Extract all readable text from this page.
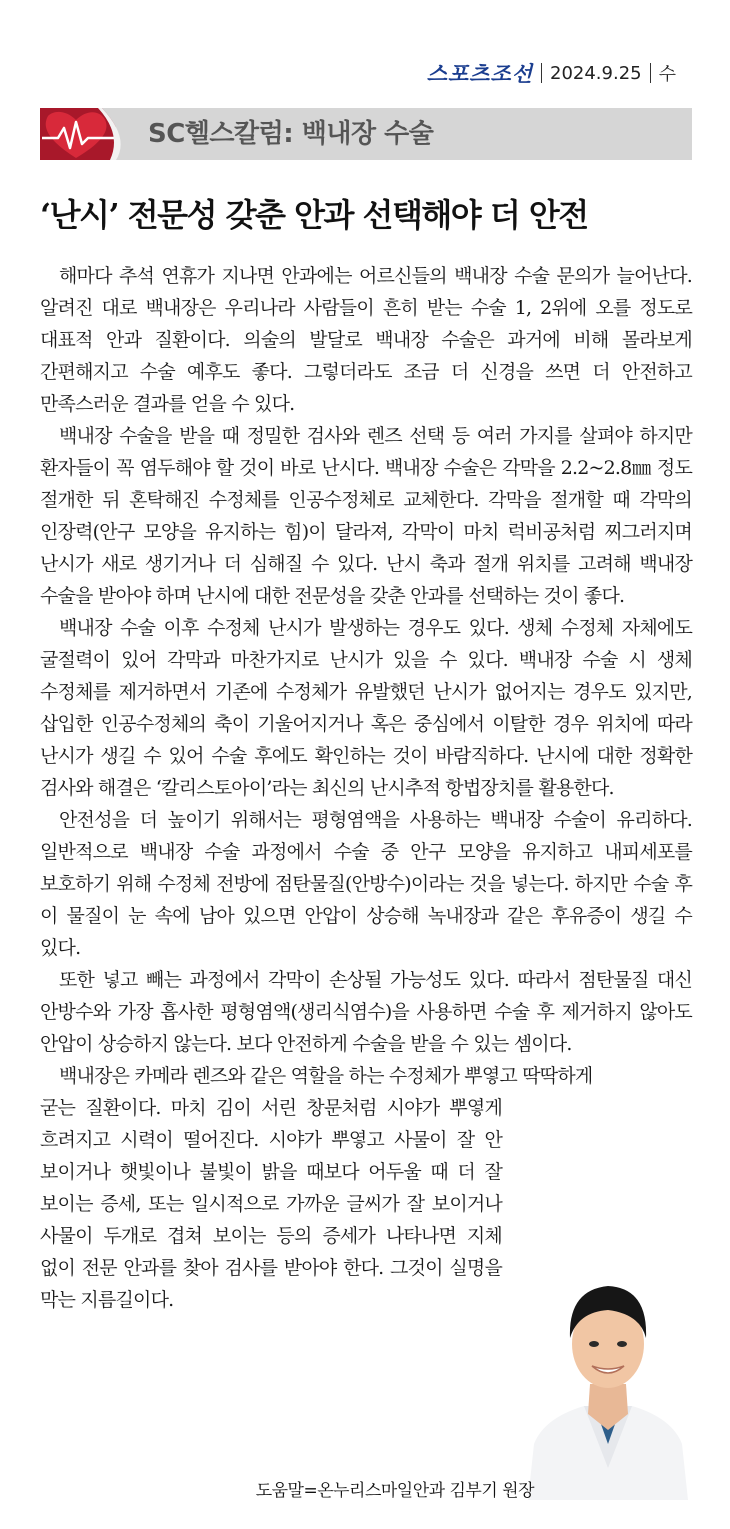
스포츠조선 2024.9.25 수
SC헬스칼럼: 백내장 수술
‘난시’ 전문성 갖춘 안과 선택해야 더 안전

해마다 추석 연휴가 지나면 안과에는 어르신들의 백내장 수술 문의가 늘어난다. 알려진 대로 백내장은 우리나라 사람들이 흔히 받는 수술 1, 2위에 오를 정도로 대표적 안과 질환이다. 의술의 발달로 백내장 수술은 과거에 비해 몰라보게 간편해지고 수술 예후도 좋다. 그렇더라도 조금 더 신경을 쓰면 더 안전하고 만족스러운 결과를 얻을 수 있다.

백내장 수술을 받을 때 정밀한 검사와 렌즈 선택 등 여러 가지를 살펴야 하지만 환자들이 꼭 염두해야 할 것이 바로 난시다. 백내장 수술은 각막을 2.2~2.8㎜ 정도 절개한 뒤 혼탁해진 수정체를 인공수정체로 교체한다. 각막을 절개할 때 각막의 인장력(안구 모양을 유지하는 힘)이 달라져, 각막이 마치 럭비공처럼 찌그러지며 난시가 새로 생기거나 더 심해질 수 있다. 난시 축과 절개 위치를 고려해 백내장 수술을 받아야 하며 난시에 대한 전문성을 갖춘 안과를 선택하는 것이 좋다.

백내장 수술 이후 수정체 난시가 발생하는 경우도 있다. 생체 수정체 자체에도 굴절력이 있어 각막과 마찬가지로 난시가 있을 수 있다. 백내장 수술 시 생체 수정체를 제거하면서 기존에 수정체가 유발했던 난시가 없어지는 경우도 있지만, 삽입한 인공수정체의 축이 기울어지거나 혹은 중심에서 이탈한 경우 위치에 따라 난시가 생길 수 있어 수술 후에도 확인하는 것이 바람직하다. 난시에 대한 정확한 검사와 해결은 ‘칼리스토아이’라는 최신의 난시추적 항법장치를 활용한다.

안전성을 더 높이기 위해서는 평형염액을 사용하는 백내장 수술이 유리하다. 일반적으로 백내장 수술 과정에서 수술 중 안구 모양을 유지하고 내피세포를 보호하기 위해 수정체 전방에 점탄물질(안방수)이라는 것을 넣는다. 하지만 수술 후 이 물질이 눈 속에 남아 있으면 안압이 상승해 녹내장과 같은 후유증이 생길 수 있다.

또한 넣고 빼는 과정에서 각막이 손상될 가능성도 있다. 따라서 점탄물질 대신 안방수와 가장 흡사한 평형염액(생리식염수)을 사용하면 수술 후 제거하지 않아도 안압이 상승하지 않는다. 보다 안전하게 수술을 받을 수 있는 셈이다.

백내장은 카메라 렌즈와 같은 역할을 하는 수정체가 뿌옇고 딱딱하게

굳는 질환이다. 마치 김이 서린 창문처럼 시야가 뿌옇게 흐려지고 시력이 떨어진다. 시야가 뿌옇고 사물이 잘 안 보이거나 햇빛이나 불빛이 밝을 때보다 어두울 때 더 잘 보이는 증세, 또는 일시적으로 가까운 글씨가 잘 보이거나 사물이 두개로 겹쳐 보이는 등의 증세가 나타나면 지체 없이 전문 안과를 찾아 검사를 받아야 한다. 그것이 실명을 막는 지름길이다.

도움말=온누리스마일안과 김부기 원장
